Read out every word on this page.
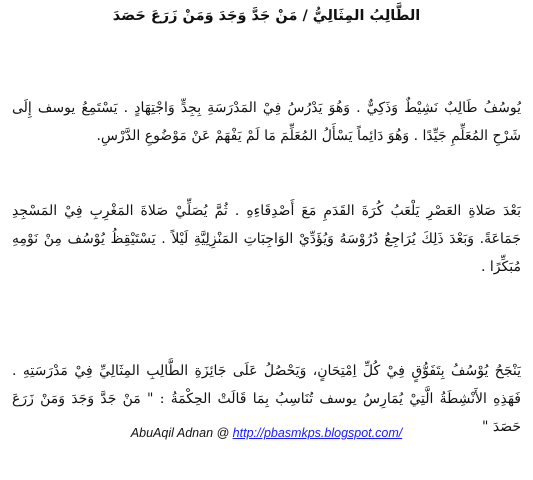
الطَّالِبُ المِثَالِيُّ / مَنْ جَدَّ وَجَدَ وَمَنْ زَرَعَ حَصَدَ

يُوسُفُ طَالِبٌ نَشِيْطٌ وَذَكِيٌّ . وَهُوَ يَدْرُسُ فِيْ المَدْرَسَةِ بِجِدٍّ وَاجْتِهَادٍ . يَسْتَمِعُ يوسف إِلَى شَرْحِ المُعَلِّمِ جَيِّدًا . وَهُوَ دَائِماً يَسْأَلُ المُعَلِّمَ مَا لَمْ يَفْهَمْ عَنْ مَوْضُوعِ الدَّرْسِ.

بَعْدَ صَلاةِ العَصْرِ يَلْعَبُ كُرَةَ القَدَمِ مَعَ أَصْدِقَاءِهِ . ثُمَّ يُصَلِّيْ صَلاةَ المَغْرِبِ فِيْ المَسْجِدِ جَمَاعَةً. وَبَعْدَ ذَلِكَ يُرَاجِعُ دُرُوْسَهُ وَيُؤَدِّيْ الوَاجِبَاتِ المَنْزِلِيَّةِ لَيْلاً . يَسْتَيْقِظُ يُوْسُف مِنْ نَوْمِهِ مُبَكِّرًا .

يَنْجَحُ يُوْسُفُ بِتَفَوُّقٍ فِيْ كُلِّ اِمْتِحَانٍ، وَيَحْصُلُ عَلَى جَائِزَةِ الطَّالِبِ المِثَالِيِّ فِيْ مَدْرَسَتِهِ . فَهَذِهِ الأَنْشِطَةُ الَّتِيْ يُمَارِسُ يوسف تُنَاسِبُ بِمَا قَالَتْ الحِكْمَةُ : " مَنْ جَدَّ وَجَدَ وَمَنْ زَرَعَ حَصَدَ "

AbuAqil Adnan @ http://pbasmkps.blogspot.com/
